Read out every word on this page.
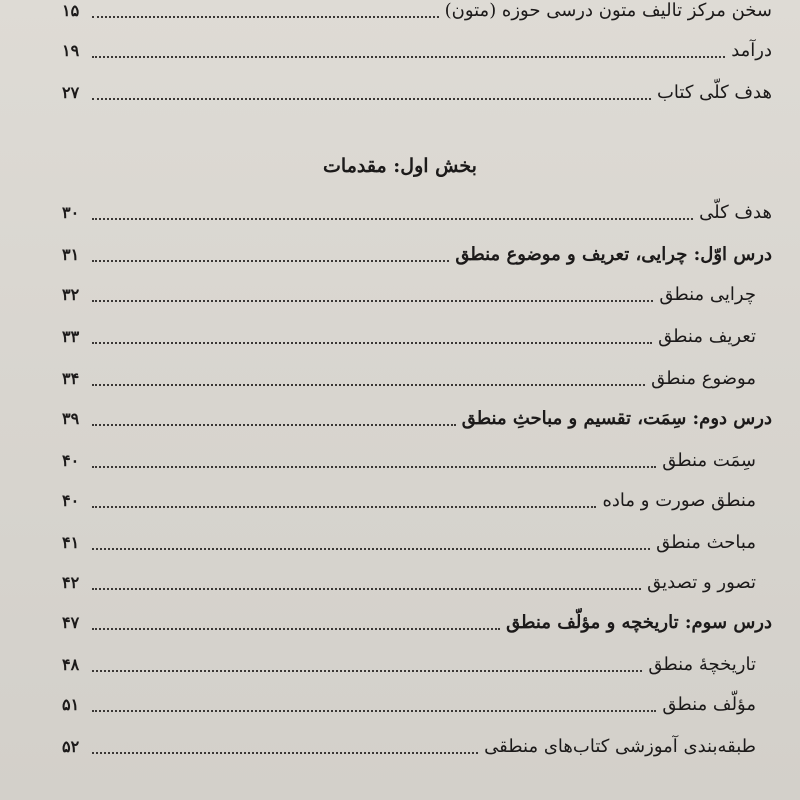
سخن مرکز تالیف متون درسی حوزه (متون)
۱۵
درآمد
۱۹
هدف کلّی کتاب
۲۷
بخش اول: مقدمات
هدف کلّی
۳۰
درس اوّل: چرایی، تعریف و موضوع منطق
۳۱
چرایی منطق
۳۲
تعریف منطق
۳۳
موضوع منطق
۳۴
درس دوم: سِمَت، تقسیم و مباحثِ منطق
۳۹
سِمَت منطق
۴۰
منطق صورت و ماده
۴۰
مباحث منطق
۴۱
تصور و تصدیق
۴۲
درس سوم: تاریخچه و مؤلّف منطق
۴۷
تاریخچهٔ منطق
۴۸
مؤلّف منطق
۵۱
طبقه‌بندی آموزشی کتاب‌های منطقی
۵۲
